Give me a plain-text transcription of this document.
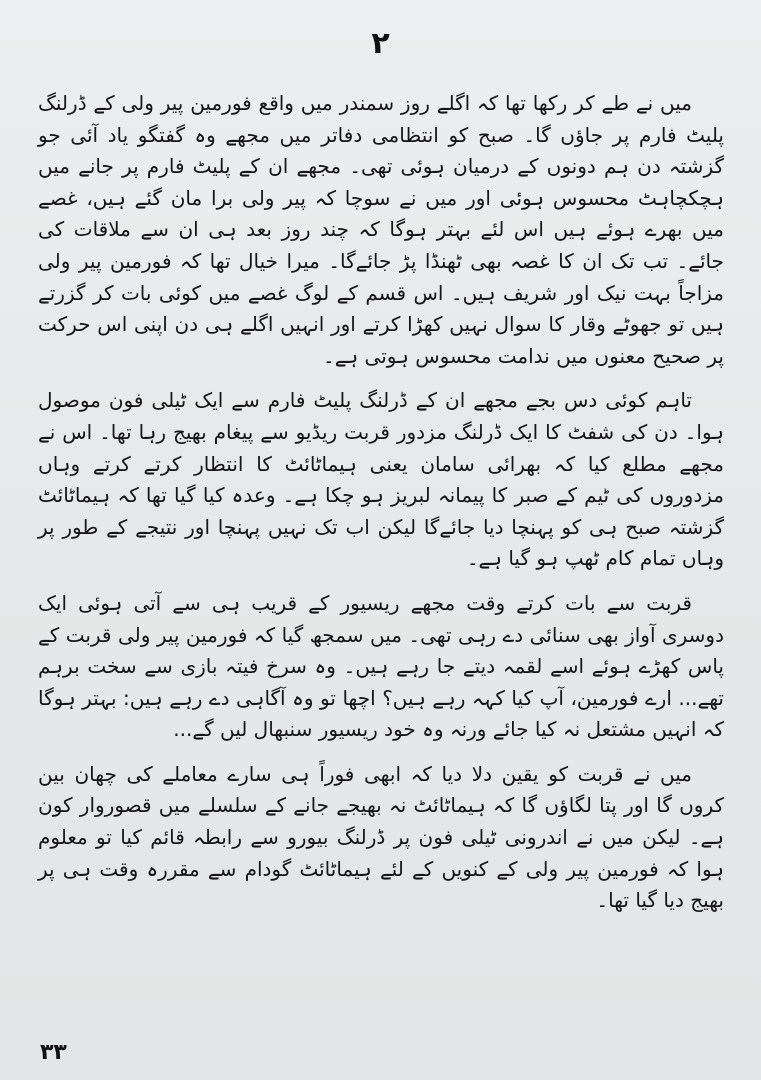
۲

میں نے طے کر رکھا تھا کہ اگلے روز سمندر میں واقع فورمین پیر ولی کے ڈرلنگ پلیٹ فارم پر جاؤں گا۔ صبح کو انتظامی دفاتر میں مجھے وہ گفتگو یاد آئی جو گزشتہ دن ہم دونوں کے درمیان ہوئی تھی۔ مجھے ان کے پلیٹ فارم پر جانے میں ہچکچاہٹ محسوس ہوئی اور میں نے سوچا کہ پیر ولی برا مان گئے ہیں، غصے میں بھرے ہوئے ہیں اس لئے بہتر ہوگا کہ چند روز بعد ہی ان سے ملاقات کی جائے۔ تب تک ان کا غصہ بھی ٹھنڈا پڑ جائےگا۔ میرا خیال تھا کہ فورمین پیر ولی مزاجاً بہت نیک اور شریف ہیں۔ اس قسم کے لوگ غصے میں کوئی بات کر گزرتے ہیں تو جھوٹے وقار کا سوال نہیں کھڑا کرتے اور انہیں اگلے ہی دن اپنی اس حرکت پر صحیح معنوں میں ندامت محسوس ہوتی ہے۔

تاہم کوئی دس بجے مجھے ان کے ڈرلنگ پلیٹ فارم سے ایک ٹیلی فون موصول ہوا۔ دن کی شفٹ کا ایک ڈرلنگ مزدور قربت ریڈیو سے پیغام بھیج رہا تھا۔ اس نے مجھے مطلع کیا کہ بھرائی سامان یعنی ہیماٹائٹ کا انتظار کرتے کرتے وہاں مزدوروں کی ٹیم کے صبر کا پیمانہ لبریز ہو چکا ہے۔ وعدہ کیا گیا تھا کہ ہیماٹائٹ گزشتہ صبح ہی کو پہنچا دیا جائےگا لیکن اب تک نہیں پہنچا اور نتیجے کے طور پر وہاں تمام کام ٹھپ ہو گیا ہے۔

قربت سے بات کرتے وقت مجھے ریسیور کے قریب ہی سے آتی ہوئی ایک دوسری آواز بھی سنائی دے رہی تھی۔ میں سمجھ گیا کہ فورمین پیر ولی قربت کے پاس کھڑے ہوئے اسے لقمہ دیتے جا رہے ہیں۔ وہ سرخ فیتہ بازی سے سخت برہم تھے... ارے فورمین، آپ کیا کہہ رہے ہیں؟ اچھا تو وہ آگاہی دے رہے ہیں: بہتر ہوگا کہ انہیں مشتعل نہ کیا جائے ورنہ وہ خود ریسیور سنبھال لیں گے...

میں نے قربت کو یقین دلا دیا کہ ابھی فوراً ہی سارے معاملے کی چھان بین کروں گا اور پتا لگاؤں گا کہ ہیماٹائٹ نہ بھیجے جانے کے سلسلے میں قصوروار کون ہے۔ لیکن میں نے اندرونی ٹیلی فون پر ڈرلنگ بیورو سے رابطہ قائم کیا تو معلوم ہوا کہ فورمین پیر ولی کے کنویں کے لئے ہیماٹائٹ گودام سے مقررہ وقت ہی پر بھیج دیا گیا تھا۔

۳۳
